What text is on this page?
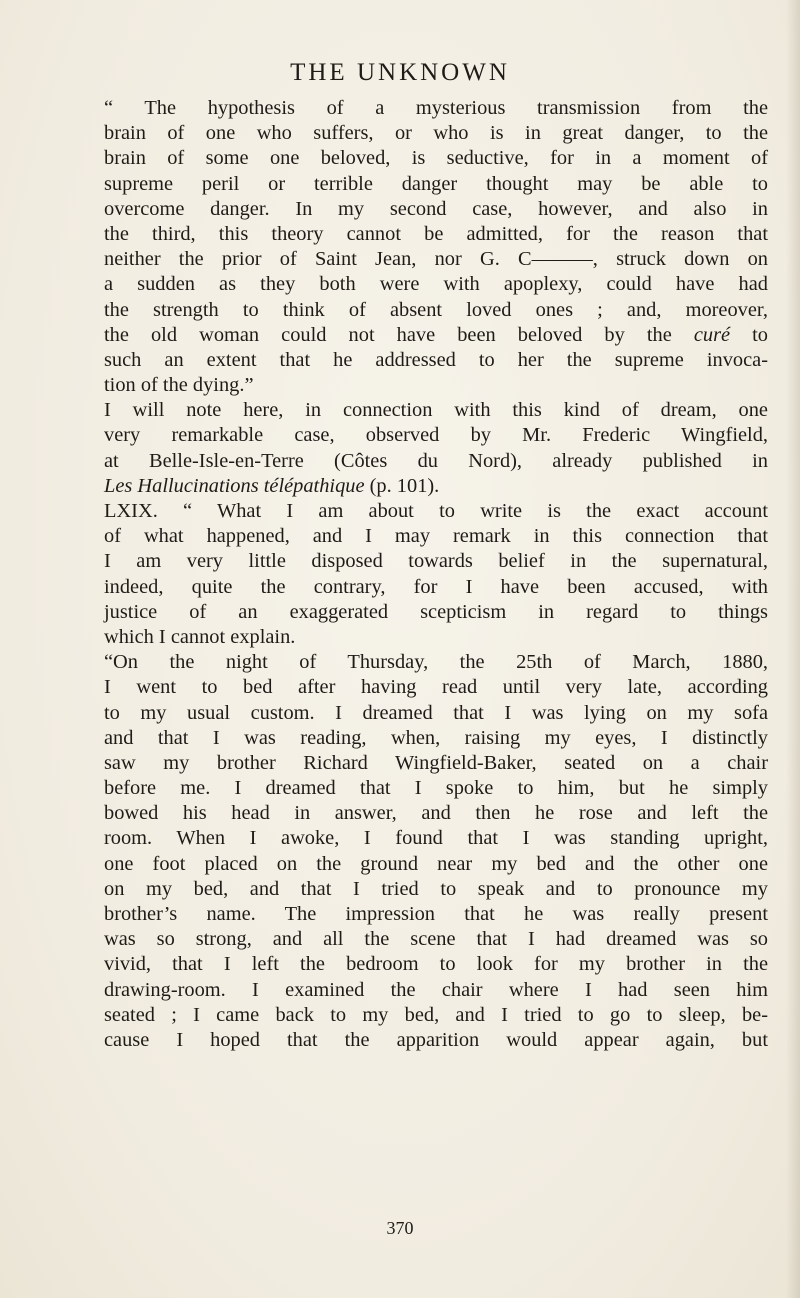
THE UNKNOWN
“ The hypothesis of a mysterious transmission from the
brain of one who suffers, or who is in great danger, to the
brain of some one beloved, is seductive, for in a moment of
supreme peril or terrible danger thought may be able to
overcome danger. In my second case, however, and also in
the third, this theory cannot be admitted, for the reason that
neither the prior of Saint Jean, nor G. C———, struck down on
a sudden as they both were with apoplexy, could have had
the strength to think of absent loved ones ; and, moreover,
the old woman could not have been beloved by the curé to
such an extent that he addressed to her the supreme invoca-
tion of the dying.”
I will note here, in connection with this kind of dream, one
very remarkable case, observed by Mr. Frederic Wingfield,
at Belle-Isle-en-Terre (Côtes du Nord), already published in
Les Hallucinations télépathique (p. 101).
LXIX. “ What I am about to write is the exact account
of what happened, and I may remark in this connection that
I am very little disposed towards belief in the supernatural,
indeed, quite the contrary, for I have been accused, with
justice of an exaggerated scepticism in regard to things
which I cannot explain.
“On the night of Thursday, the 25th of March, 1880,
I went to bed after having read until very late, according
to my usual custom. I dreamed that I was lying on my sofa
and that I was reading, when, raising my eyes, I distinctly
saw my brother Richard Wingfield-Baker, seated on a chair
before me. I dreamed that I spoke to him, but he simply
bowed his head in answer, and then he rose and left the
room. When I awoke, I found that I was standing upright,
one foot placed on the ground near my bed and the other one
on my bed, and that I tried to speak and to pronounce my
brother’s name. The impression that he was really present
was so strong, and all the scene that I had dreamed was so
vivid, that I left the bedroom to look for my brother in the
drawing-room. I examined the chair where I had seen him
seated ; I came back to my bed, and I tried to go to sleep, be-
cause I hoped that the apparition would appear again, but
370
